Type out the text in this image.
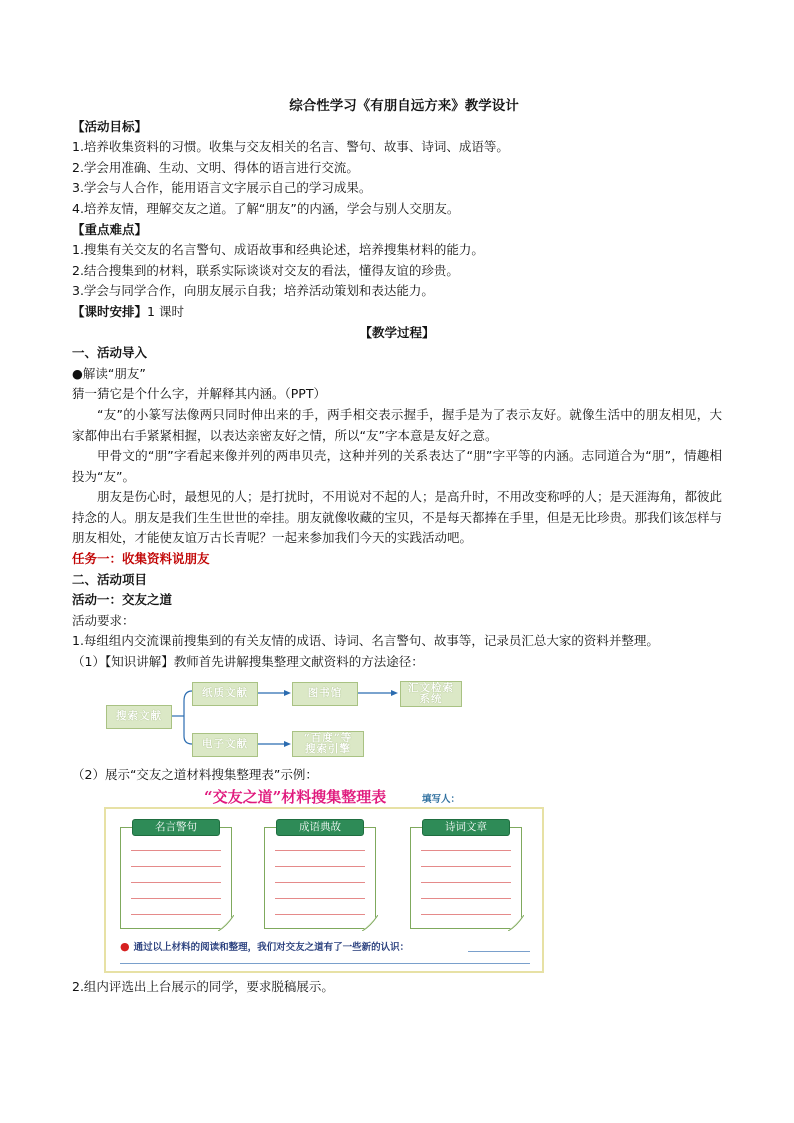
综合性学习《有朋自远方来》教学设计

【活动目标】

1.培养收集资料的习惯。收集与交友相关的名言、警句、故事、诗词、成语等。

2.学会用准确、生动、文明、得体的语言进行交流。

3.学会与人合作，能用语言文字展示自己的学习成果。

4.培养友情，理解交友之道。了解“朋友”的内涵，学会与别人交朋友。

【重点难点】

1.搜集有关交友的名言警句、成语故事和经典论述，培养搜集材料的能力。

2.结合搜集到的材料，联系实际谈谈对交友的看法，懂得友谊的珍贵。

3.学会与同学合作，向朋友展示自我；培养活动策划和表达能力。

【课时安排】1 课时

【教学过程】

一、活动导入

●解读“朋友”

猜一猜它是个什么字，并解释其内涵。（PPT）

“友”的小篆写法像两只同时伸出来的手，两手相交表示握手，握手是为了表示友好。就像生活中的朋友相见，大家都伸出右手紧紧相握，以表达亲密友好之情，所以“友”字本意是友好之意。

甲骨文的“朋”字看起来像并列的两串贝壳，这种并列的关系表达了“朋”字平等的内涵。志同道合为“朋”，情趣相投为“友”。

朋友是伤心时，最想见的人；是打扰时，不用说对不起的人；是高升时，不用改变称呼的人；是天涯海角，都彼此持念的人。朋友是我们生生世世的牵挂。朋友就像收藏的宝贝，不是每天都捧在手里，但是无比珍贵。那我们该怎样与朋友相处，才能使友谊万古长青呢？一起来参加我们今天的实践活动吧。

任务一：收集资料说朋友

二、活动项目

活动一：交友之道

活动要求：

1.每组组内交流课前搜集到的有关友情的成语、诗词、名言警句、故事等，记录员汇总大家的资料并整理。

（1）【知识讲解】教师首先讲解搜集整理文献资料的方法途径：

搜索文献
纸质文献	图书馆	汇文检索系统
电子文献
“百度”等搜索引擎

（2）展示“交友之道材料搜集整理表”示例：

“交友之道”材料搜集整理表	填写人：
名言警句	成语典故	诗词文章
● 通过以上材料的阅读和整理，我们对交友之道有了一些新的认识：

2.组内评选出上台展示的同学，要求脱稿展示。
